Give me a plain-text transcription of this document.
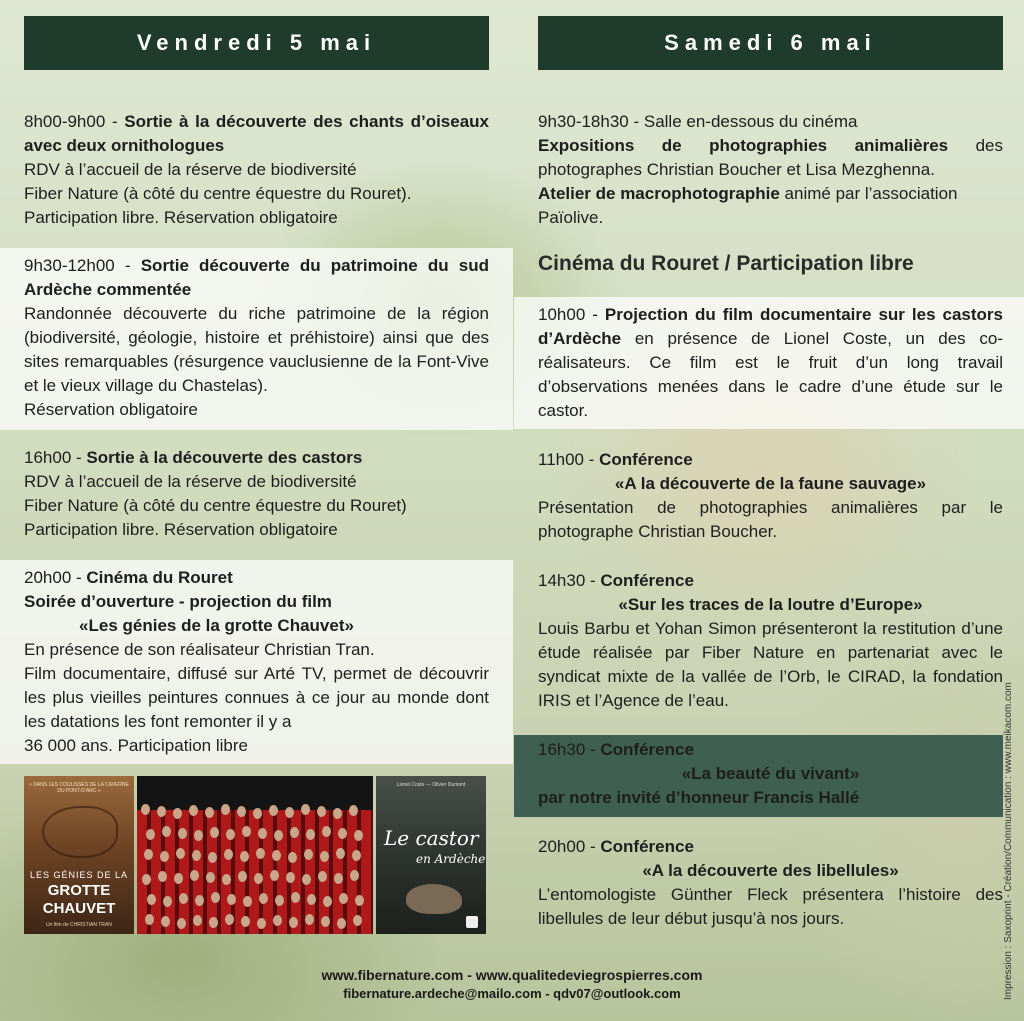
Vendredi 5 mai	Samedi 6 mai

8h00-9h00 - Sortie à la découverte des chants d’oiseaux avec deux ornithologues

RDV à l’accueil de la réserve de biodiversité

Fiber Nature (à côté du centre équestre du Rouret).

Participation libre. Réservation obligatoire

9h30-12h00 - Sortie découverte du patrimoine du sud Ardèche commentée

Randonnée découverte du riche patrimoine de la région (biodiversité, géologie, histoire et préhistoire) ainsi que des sites remarquables (résurgence vauclusienne de la Font-Vive et le vieux village du Chastelas).

Réservation obligatoire

16h00 - Sortie à la découverte des castors

RDV à l’accueil de la réserve de biodiversité

Fiber Nature (à côté du centre équestre du Rouret)

Participation libre. Réservation obligatoire

20h00 - Cinéma du Rouret

Soirée d’ouverture - projection du film

«Les génies de la grotte Chauvet»

En présence de son réalisateur Christian Tran.

Film documentaire, diffusé sur Arté TV, permet de découvrir les plus vieilles peintures connues à ce jour au monde dont les datations les font remonter il y a

36 000 ans. Participation libre

« DANS LES COULISSES DE LA CAVERNE DU PONT-D’ARC »
LES GÉNIES DE LA
GROTTE
CHAUVET
Un film de CHRISTIAN TRAN
Lionel Coste — Olivier Dumont
Le castor
en Ardèche

9h30-18h30 - Salle en-dessous du cinéma

Expositions de photographies animalières des photographes Christian Boucher et Lisa Mezghenna.

Atelier de macrophotographie animé par l’association Païolive.

Cinéma du Rouret / Participation libre

10h00 - Projection du film documentaire sur les castors d’Ardèche en présence de Lionel Coste, un des co-réalisateurs. Ce film est le fruit d’un long travail d’observations menées dans le cadre d’une étude sur le castor.

11h00 - Conférence

«A la découverte de la faune sauvage»

Présentation de photographies animalières par le photographe Christian Boucher.

14h30 - Conférence

«Sur les traces de la loutre d’Europe»

Louis Barbu et Yohan Simon présenteront la restitution d’une étude réalisée par Fiber Nature en partenariat avec le syndicat mixte de la vallée de l’Orb, le CIRAD, la fondation IRIS et l’Agence de l’eau.

16h30 - Conférence

«La beauté du vivant»

par notre invité d’honneur Francis Hallé

20h00 - Conférence

«A la découverte des libellules»

L’entomologiste Günther Fleck présentera l’histoire des libellules de leur début jusqu’à nos jours.

www.fibernature.com - www.qualitedeviegrospierres.com
fibernature.ardeche@mailo.com - qdv07@outlook.com	Impression : Saxoprint - Création/Communication : www.meikacom.com
